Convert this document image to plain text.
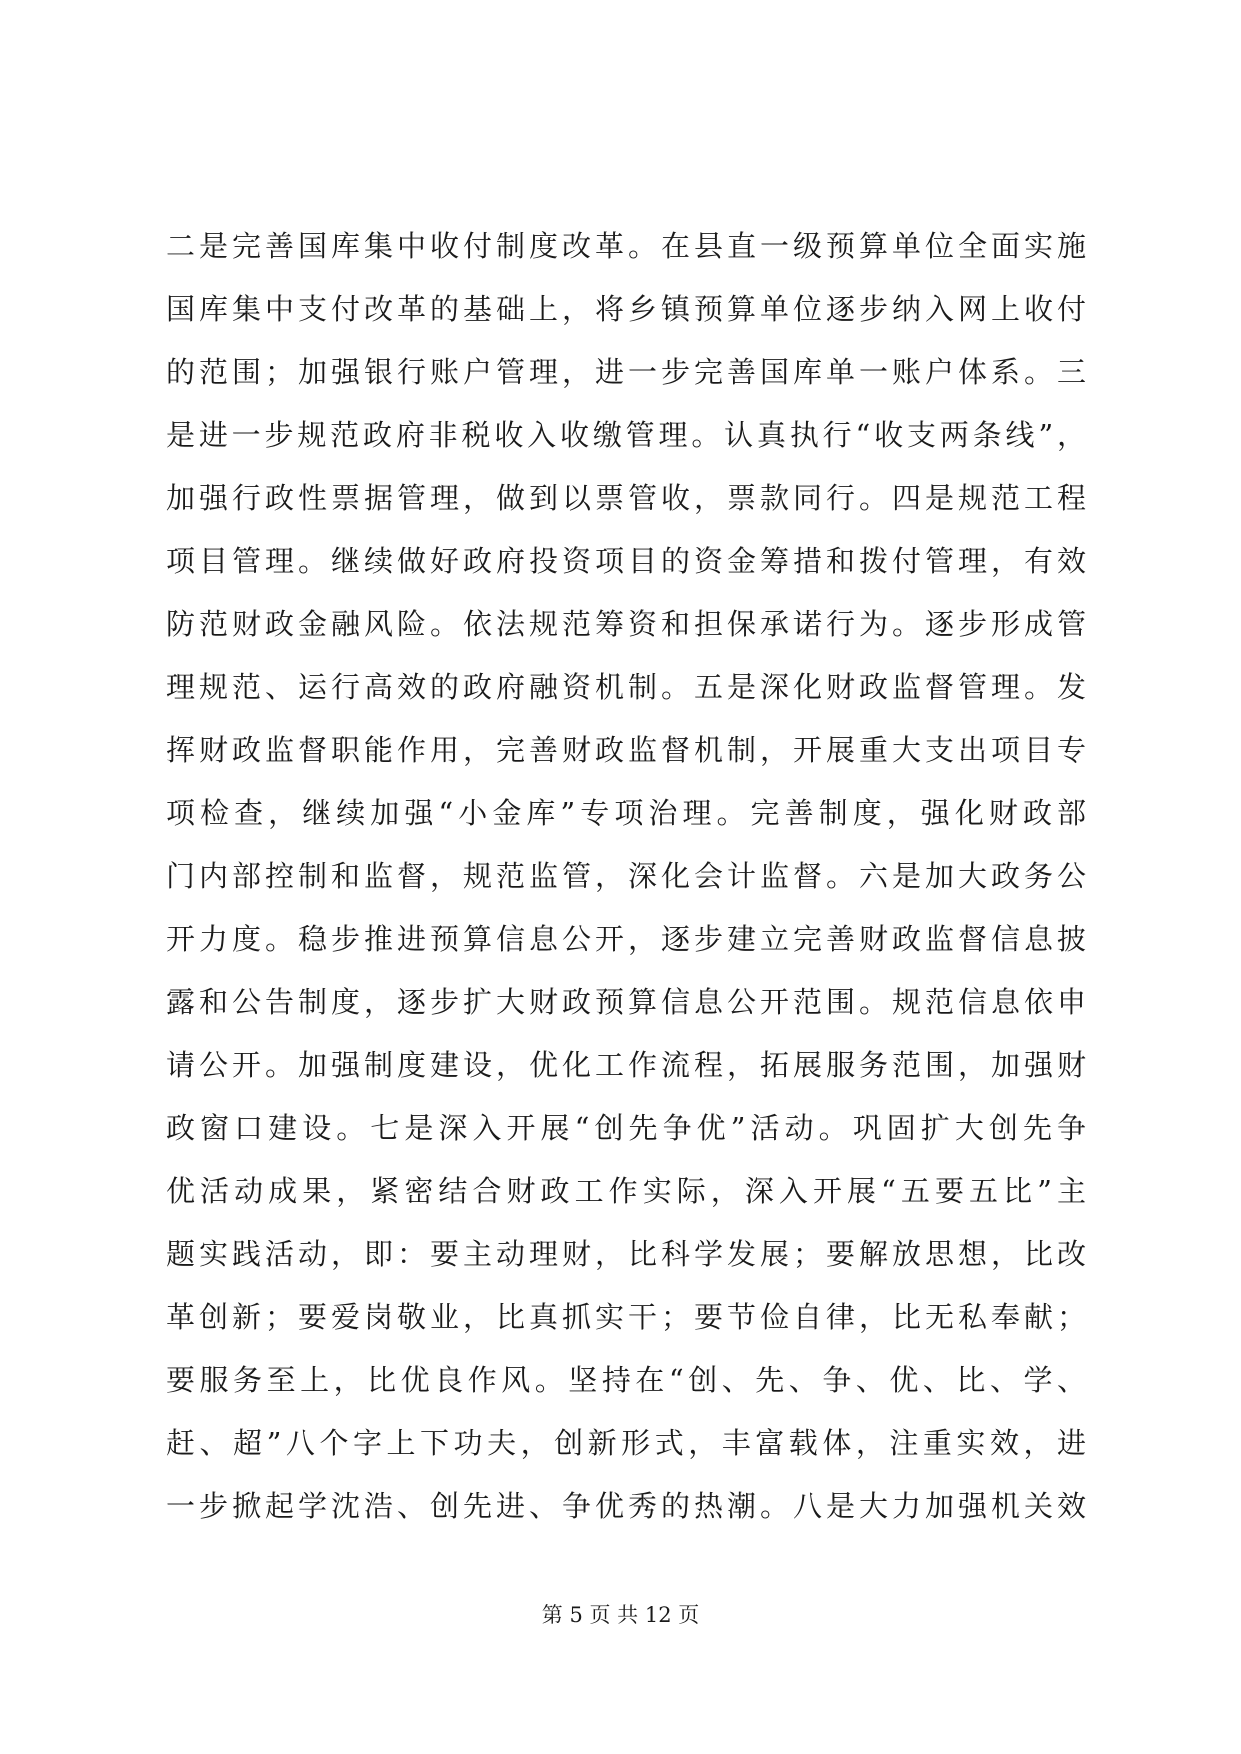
二是完善国库集中收付制度改革。在县直一级预算单位全面实施
国库集中支付改革的基础上，将乡镇预算单位逐步纳入网上收付
的范围；加强银行账户管理，进一步完善国库单一账户体系。三
是进一步规范政府非税收入收缴管理。认真执行“收支两条线”，
加强行政性票据管理，做到以票管收，票款同行。四是规范工程
项目管理。继续做好政府投资项目的资金筹措和拨付管理，有效
防范财政金融风险。依法规范筹资和担保承诺行为。逐步形成管
理规范、运行高效的政府融资机制。五是深化财政监督管理。发
挥财政监督职能作用，完善财政监督机制，开展重大支出项目专
项检查，继续加强“小金库”专项治理。完善制度，强化财政部
门内部控制和监督，规范监管，深化会计监督。六是加大政务公
开力度。稳步推进预算信息公开，逐步建立完善财政监督信息披
露和公告制度，逐步扩大财政预算信息公开范围。规范信息依申
请公开。加强制度建设，优化工作流程，拓展服务范围，加强财
政窗口建设。七是深入开展“创先争优”活动。巩固扩大创先争
优活动成果，紧密结合财政工作实际，深入开展“五要五比”主
题实践活动，即：要主动理财，比科学发展；要解放思想，比改
革创新；要爱岗敬业，比真抓实干；要节俭自律，比无私奉献；
要服务至上，比优良作风。坚持在“创、先、争、优、比、学、
赶、超”八个字上下功夫，创新形式，丰富载体，注重实效，进
一步掀起学沈浩、创先进、争优秀的热潮。八是大力加强机关效
第 5 页 共 12 页
